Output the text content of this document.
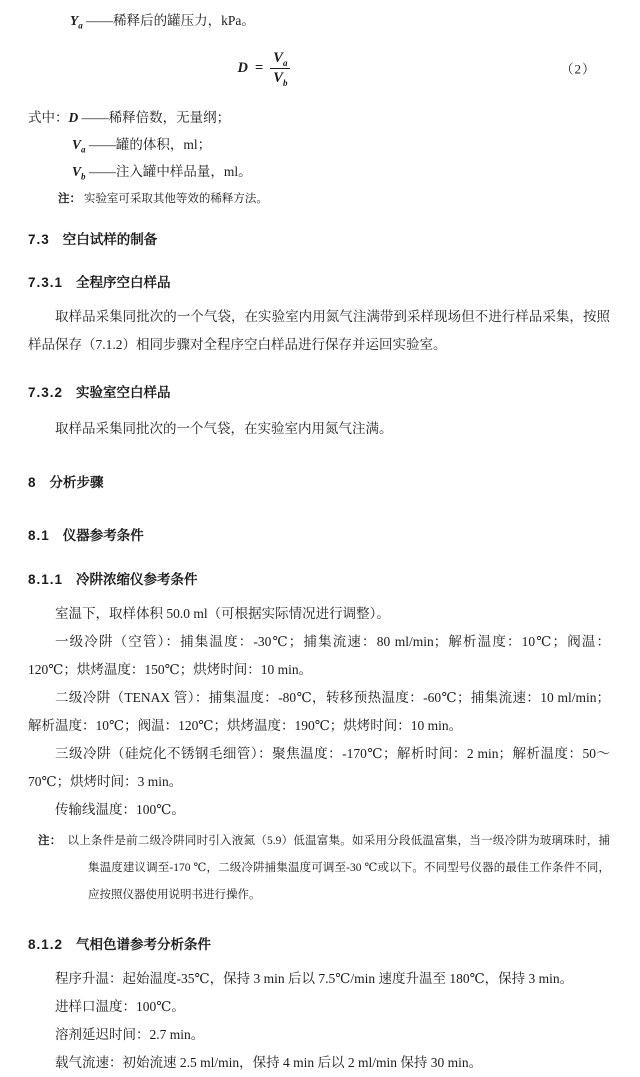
$Y_a$ ——稀释后的罐压力，kPa。
$D = \frac{V_a}{V_b}$	（2）
式中：D ——稀释倍数，无量纲；
$V_a$ ——罐的体积，ml；
$V_b$ ——注入罐中样品量，ml。
注： 实验室可采取其他等效的稀释方法。
7.3 空白试样的制备
7.3.1 全程序空白样品
取样品采集同批次的一个气袋，在实验室内用氮气注满带到采样现场但不进行样品采集，按照样品保存（7.1.2）相同步骤对全程序空白样品进行保存并运回实验室。
7.3.2 实验室空白样品
取样品采集同批次的一个气袋，在实验室内用氮气注满。
8 分析步骤
8.1 仪器参考条件
8.1.1 冷阱浓缩仪参考条件
室温下，取样体积 50.0 ml（可根据实际情况进行调整）。
一级冷阱（空管）：捕集温度：-30℃；捕集流速：80 ml/min；解析温度：10℃；阀温：120℃；烘烤温度：150℃；烘烤时间：10 min。
二级冷阱（TENAX 管）：捕集温度：-80℃，转移预热温度：-60℃；捕集流速：10 ml/min；解析温度：10℃；阀温：120℃；烘烤温度：190℃；烘烤时间：10 min。
三级冷阱（硅烷化不锈钢毛细管）：聚焦温度：-170℃；解析时间：2 min；解析温度：50～70℃；烘烤时间：3 min。
传输线温度：100℃。
注： 以上条件是前二级冷阱同时引入液氮（5.9）低温富集。如采用分段低温富集，当一级冷阱为玻璃珠时，捕集温度建议调至-170 ℃，二级冷阱捕集温度可调至-30 ℃或以下。不同型号仪器的最佳工作条件不同，应按照仪器使用说明书进行操作。
8.1.2 气相色谱参考分析条件
程序升温：起始温度-35℃，保持 3 min 后以 7.5℃/min 速度升温至 180℃，保持 3 min。
进样口温度：100℃。
溶剂延迟时间：2.7 min。
载气流速：初始流速 2.5 ml/min，保持 4 min 后以 2 ml/min 保持 30 min。
